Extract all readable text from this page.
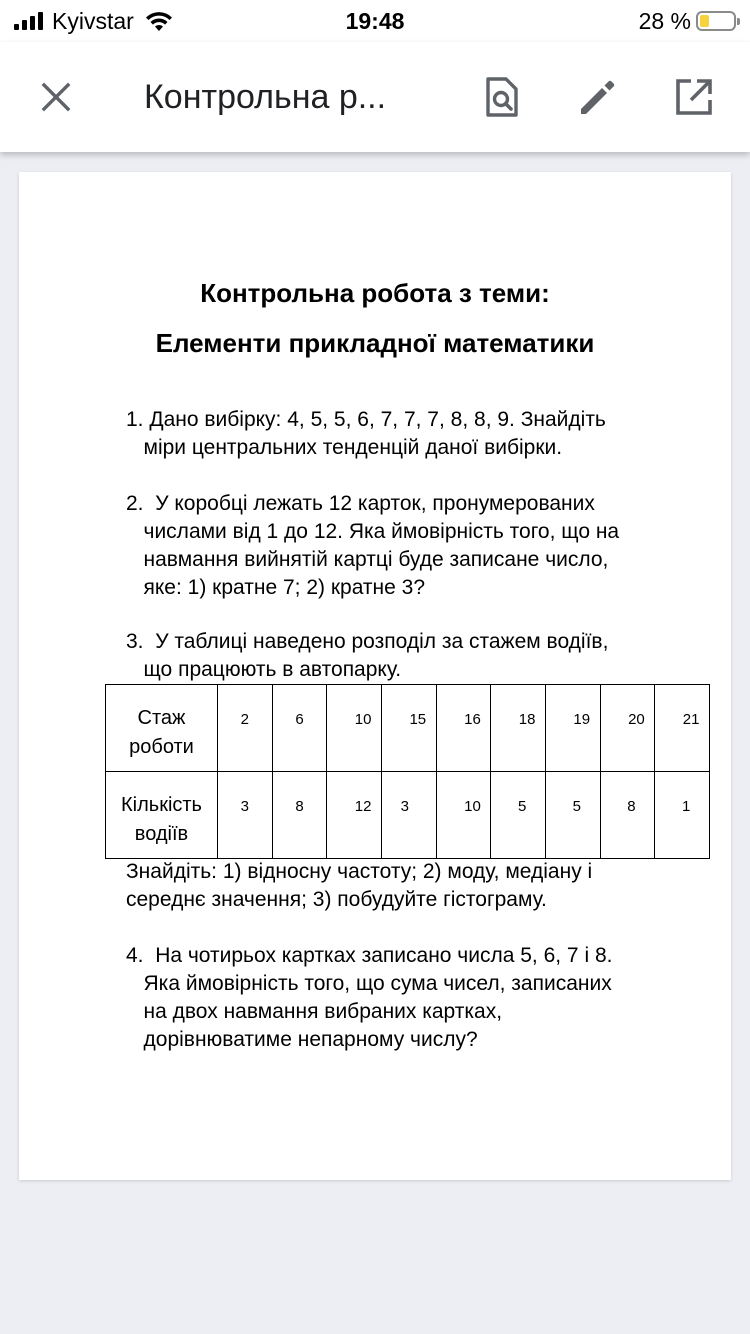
Kyivstar	19:48	28 %
Контрольна р...
Контрольна робота з теми:
Елементи прикладної математики
1. Дано вибірку: 4, 5, 5, 6, 7, 7, 7, 8, 8, 9. Знайдіть
міри центральних тенденцій даної вибірки.
2. У коробці лежать 12 карток, пронумерованих
числами від 1 до 12. Яка ймовірність того, що на
навмання вийнятій картці буде записане число,
яке: 1) кратне 7; 2) кратне 3?
3. У таблиці наведено розподіл за стажем водіїв,
що працюють в автопарку.
Стаж
роботи	2	6	10	15	16	18	19	20	21
Кількість
водіїв	3	8	12	3	10	5	5	8	1
Знайдіть: 1) відносну частоту; 2) моду, медіану і
середнє значення; 3) побудуйте гістограму.
4. На чотирьох картках записано числа 5, 6, 7 і 8.
Яка ймовірність того, що сума чисел, записаних
на двох навмання вибраних картках,
дорівнюватиме непарному числу?
